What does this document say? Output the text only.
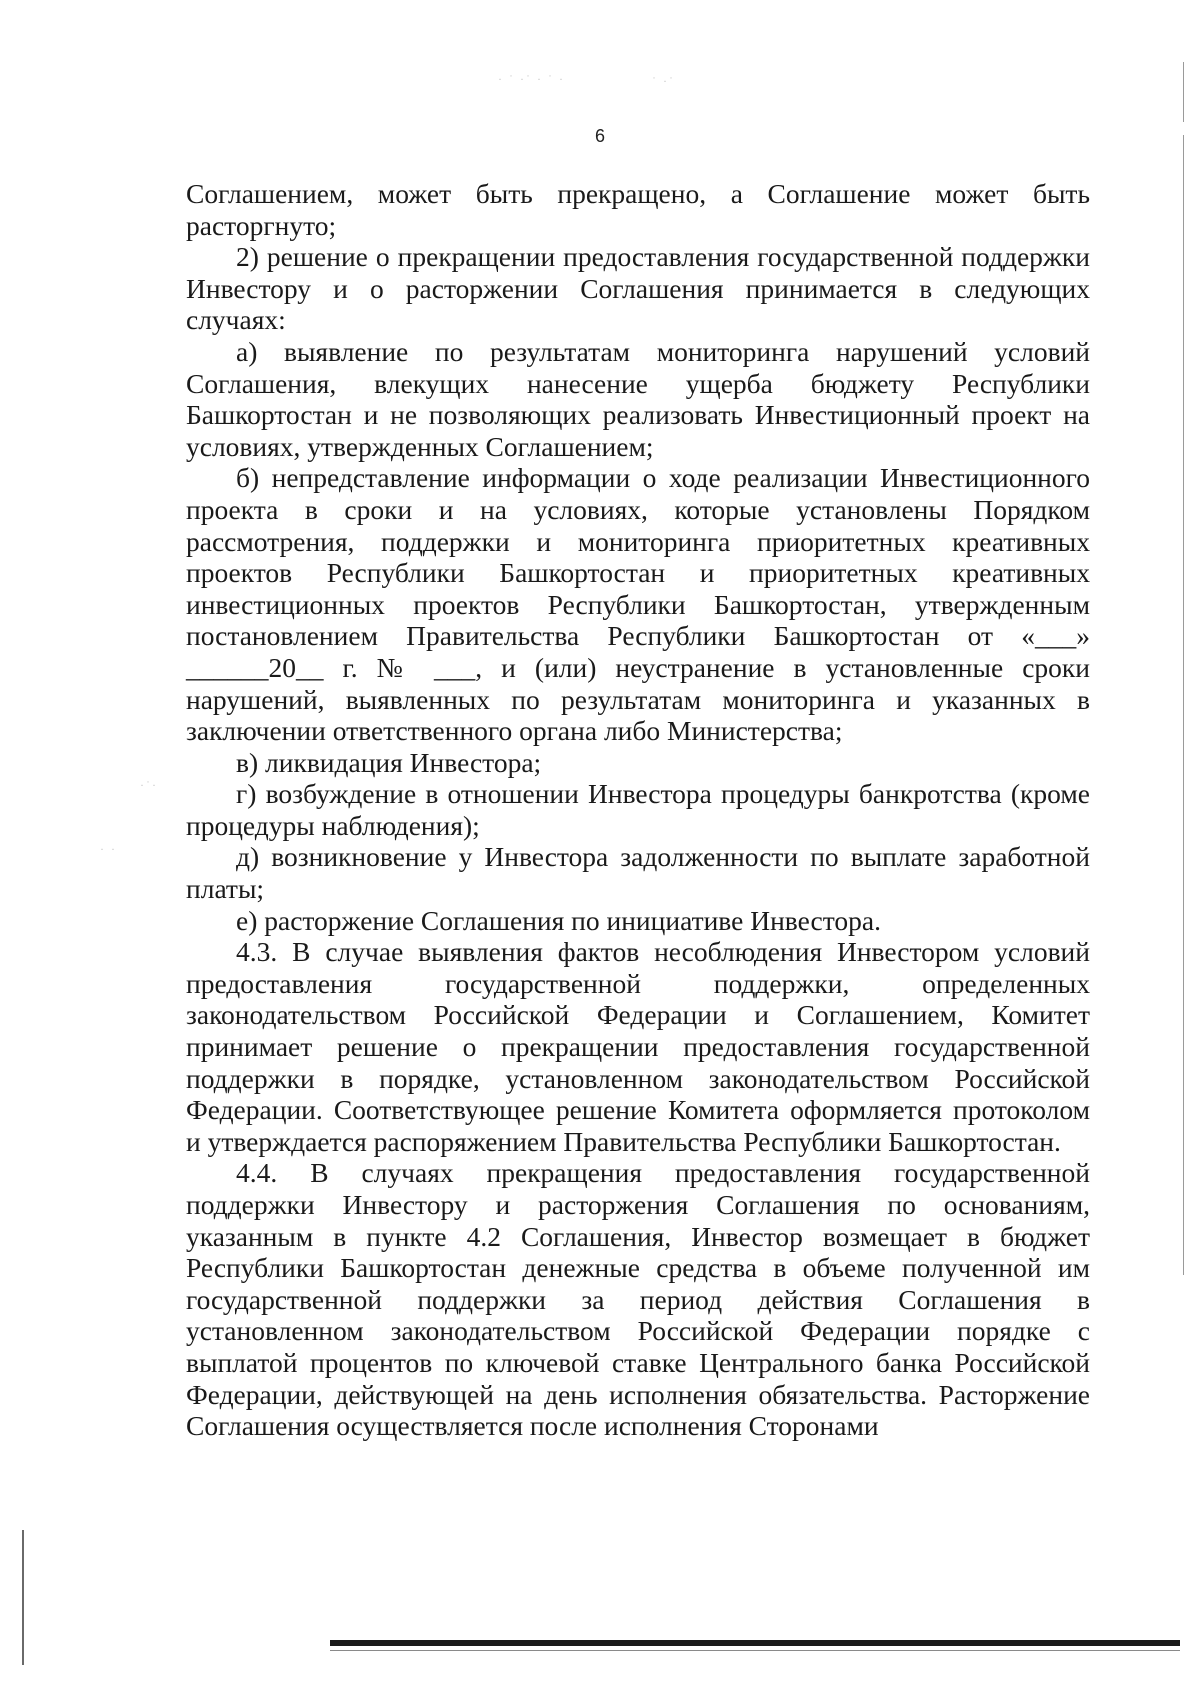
· ˙ ·˙ · ˙ ·	˙ ·˙
·˙·
· ·
6

Соглашением, может быть прекращено, а Соглашение может быть расторгнуто;

2) решение о прекращении предоставления государственной поддержки Инвестору и о расторжении Соглашения принимается в следующих случаях:

а) выявление по результатам мониторинга нарушений условий Соглашения, влекущих нанесение ущерба бюджету Республики Башкортостан и не позволяющих реализовать Инвестиционный проект на условиях, утвержденных Соглашением;

б) непредставление информации о ходе реализации Инвестиционного проекта в сроки и на условиях, которые установлены Порядком рассмотрения, поддержки и мониторинга приоритетных креативных проектов Республики Башкортостан и приоритетных креативных инвестиционных проектов Республики Башкортостан, утвержденным постановлением Правительства Республики Башкортостан от «___» ______20__ г. № ___, и (или) неустранение в установленные сроки нарушений, выявленных по результатам мониторинга и указанных в заключении ответственного органа либо Министерства;

в) ликвидация Инвестора;

г) возбуждение в отношении Инвестора процедуры банкротства (кроме процедуры наблюдения);

д) возникновение у Инвестора задолженности по выплате заработной платы;

е) расторжение Соглашения по инициативе Инвестора.

4.3. В случае выявления фактов несоблюдения Инвестором условий предоставления государственной поддержки, определенных законодательством Российской Федерации и Соглашением, Комитет принимает решение о прекращении предоставления государственной поддержки в порядке, установленном законодательством Российской Федерации. Соответствующее решение Комитета оформляется протоколом и утверждается распоряжением Правительства Республики Башкортостан.

4.4. В случаях прекращения предоставления государственной поддержки Инвестору и расторжения Соглашения по основаниям, указанным в пункте 4.2 Соглашения, Инвестор возмещает в бюджет Республики Башкортостан денежные средства в объеме полученной им государственной поддержки за период действия Соглашения в установленном законодательством Российской Федерации порядке с выплатой процентов по ключевой ставке Центрального банка Российской Федерации, действующей на день исполнения обязательства. Расторжение Соглашения осуществляется после исполнения Сторонами
